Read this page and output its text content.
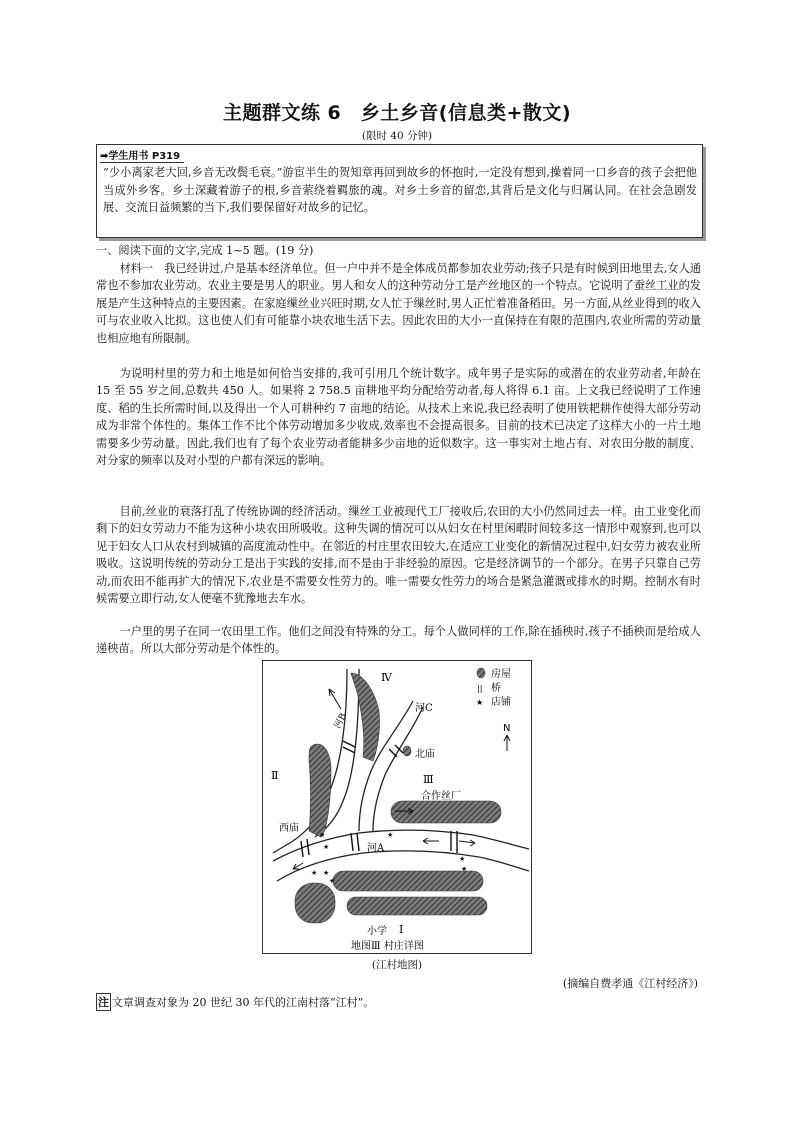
主题群文练 6　乡土乡音(信息类+散文)
(限时 40 分钟)
➡学生用书 P319
“少小离家老大回,乡音无改鬓毛衰。”游宦半生的贺知章再回到故乡的怀抱时,一定没有想到,操着同一口乡音的孩子会把他当成外乡客。乡土深藏着游子的根,乡音萦绕着羁旅的魂。对乡土乡音的留恋,其背后是文化与归属认同。在社会急剧发展、交流日益频繁的当下,我们要保留好对故乡的记忆。
一、阅读下面的文字,完成 1~5 题。(19 分)

材料一　我已经讲过,户是基本经济单位。但一户中并不是全体成员都参加农业劳动;孩子只是有时候到田地里去,女人通常也不参加农业劳动。农业主要是男人的职业。男人和女人的这种劳动分工是产丝地区的一个特点。它说明了蚕丝工业的发展是产生这种特点的主要因素。在家庭缫丝业兴旺时期,女人忙于缫丝时,男人正忙着准备稻田。另一方面,从丝业得到的收入可与农业收入比拟。这也使人们有可能靠小块农地生活下去。因此农田的大小一直保持在有限的范围内,农业所需的劳动量也相应地有所限制。

为说明村里的劳力和土地是如何恰当安排的,我可引用几个统计数字。成年男子是实际的或潜在的农业劳动者,年龄在 15 至 55 岁之间,总数共 450 人。如果将 2 758.5 亩耕地平均分配给劳动者,每人将得 6.1 亩。上文我已经说明了工作速度、稻的生长所需时间,以及得出一个人可耕种约 7 亩地的结论。从技术上来说,我已经表明了使用铁耙耕作使得大部分劳动成为非常个体性的。集体工作不比个体劳动增加多少收成,效率也不会提高很多。目前的技术已决定了这样大小的一片土地需要多少劳动量。因此,我们也有了每个农业劳动者能耕多少亩地的近似数字。这一事实对土地占有、对农田分散的制度、对分家的频率以及对小型的户都有深远的影响。

目前,丝业的衰落打乱了传统协调的经济活动。缫丝工业被现代工厂接收后,农田的大小仍然同过去一样。由工业变化而剩下的妇女劳动力不能为这种小块农田所吸收。这种失调的情况可以从妇女在村里闲暇时间较多这一情形中观察到,也可以见于妇女人口从农村到城镇的高度流动性中。在邻近的村庄里农田较大,在适应工业变化的新情况过程中,妇女劳力被农业所吸收。这说明传统的劳动分工是出于实践的安排,而不是由于非经验的原因。它是经济调节的一个部分。在男子只靠自己劳动,而农田不能再扩大的情况下,农业是不需要女性劳力的。唯一需要女性劳力的场合是紧急灌溉或排水的时期。控制水有时候需要立即行动,女人便毫不犹豫地去车水。

一户里的男子在同一农田里工作。他们之间没有特殊的分工。每个人做同样的工作,除在插秧时,孩子不插秧而是给成人递秧苗。所以大部分劳动是个体性的。

★
★
★ ★
★
★
★
★
房屋
|| 桥
★ 店铺
N
Ⅳ
Ⅱ	Ⅲ
Ⅰ
河B
河C
北庙
西庙
合作丝厂
河A
小学
地图Ⅲ 村庄详图
(江村地图)
(摘编自费孝通《江村经济》)
注 文章调查对象为 20 世纪 30 年代的江南村落“江村”。
